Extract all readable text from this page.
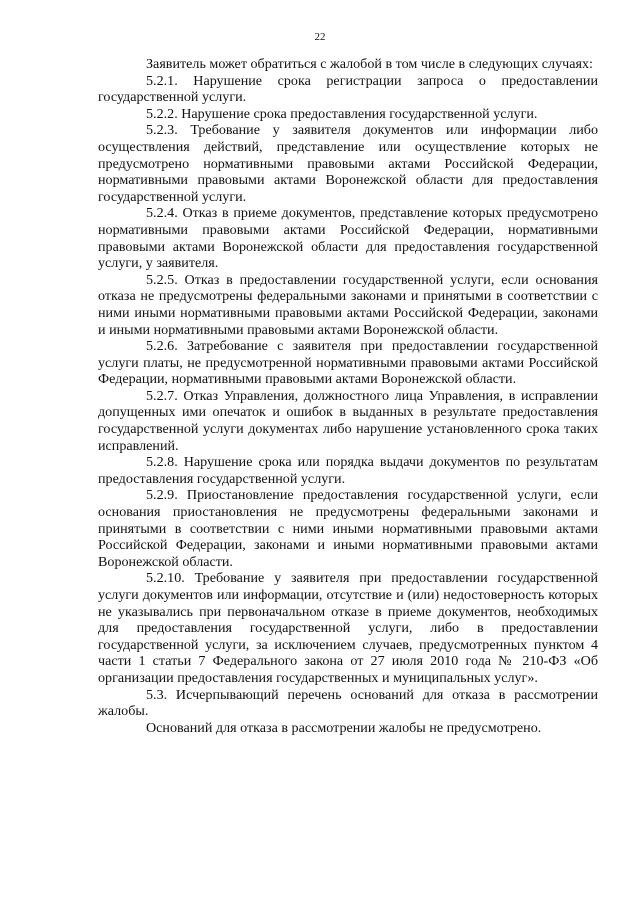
22

Заявитель может обратиться с жалобой в том числе в следующих случаях:

5.2.1. Нарушение срока регистрации запроса о предоставлении государственной услуги.

5.2.2. Нарушение срока предоставления государственной услуги.

5.2.3. Требование у заявителя документов или информации либо осуществления действий, представление или осуществление которых не предусмотрено нормативными правовыми актами Российской Федерации, нормативными правовыми актами Воронежской области для предоставления государственной услуги.

5.2.4. Отказ в приеме документов, представление которых предусмотрено нормативными правовыми актами Российской Федерации, нормативными правовыми актами Воронежской области для предоставления государственной услуги, у заявителя.

5.2.5. Отказ в предоставлении государственной услуги, если основания отказа не предусмотрены федеральными законами и принятыми в соответствии с ними иными нормативными правовыми актами Российской Федерации, законами и иными нормативными правовыми актами Воронежской области.

5.2.6. Затребование с заявителя при предоставлении государственной услуги платы, не предусмотренной нормативными правовыми актами Российской Федерации, нормативными правовыми актами Воронежской области.

5.2.7. Отказ Управления, должностного лица Управления, в исправлении допущенных ими опечаток и ошибок в выданных в результате предоставления государственной услуги документах либо нарушение установленного срока таких исправлений.

5.2.8. Нарушение срока или порядка выдачи документов по результатам предоставления государственной услуги.

5.2.9. Приостановление предоставления государственной услуги, если основания приостановления не предусмотрены федеральными законами и принятыми в соответствии с ними иными нормативными правовыми актами Российской Федерации, законами и иными нормативными правовыми актами Воронежской области.

5.2.10. Требование у заявителя при предоставлении государственной услуги документов или информации, отсутствие и (или) недостоверность которых не указывались при первоначальном отказе в приеме документов, необходимых для предоставления государственной услуги, либо в предоставлении государственной услуги, за исключением случаев, предусмотренных пунктом 4 части 1 статьи 7 Федерального закона от 27 июля 2010 года № 210-ФЗ «Об организации предоставления государственных и муниципальных услуг».

5.3. Исчерпывающий перечень оснований для отказа в рассмотрении жалобы.

Оснований для отказа в рассмотрении жалобы не предусмотрено.
